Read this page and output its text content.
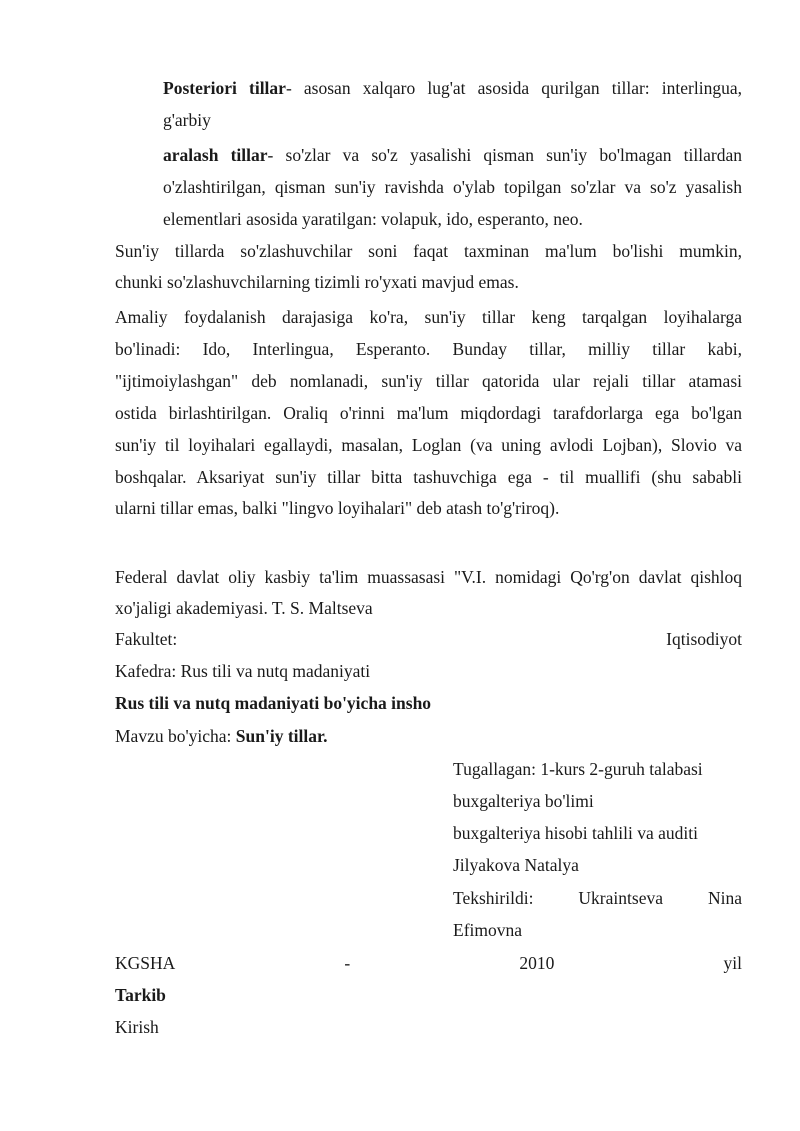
Posteriori tillar- asosan xalqaro lug'at asosida qurilgan tillar: interlingua,
g'arbiy
aralash tillar- so'zlar va so'z yasalishi qisman sun'iy bo'lmagan tillardan
o'zlashtirilgan, qisman sun'iy ravishda o'ylab topilgan so'zlar va so'z yasalish
elementlari asosida yaratilgan: volapuk, ido, esperanto, neo.
Sun'iy tillarda so'zlashuvchilar soni faqat taxminan ma'lum bo'lishi mumkin,
chunki so'zlashuvchilarning tizimli ro'yxati mavjud emas.
Amaliy foydalanish darajasiga ko'ra, sun'iy tillar keng tarqalgan loyihalarga
bo'linadi: Ido, Interlingua, Esperanto. Bunday tillar, milliy tillar kabi,
"ijtimoiylashgan" deb nomlanadi, sun'iy tillar qatorida ular rejali tillar atamasi
ostida birlashtirilgan. Oraliq o'rinni ma'lum miqdordagi tarafdorlarga ega bo'lgan
sun'iy til loyihalari egallaydi, masalan, Loglan (va uning avlodi Lojban), Slovio va
boshqalar. Aksariyat sun'iy tillar bitta tashuvchiga ega - til muallifi (shu sababli
ularni tillar emas, balki "lingvo loyihalari" deb atash to'g'riroq).
Federal davlat oliy kasbiy ta'lim muassasasi "V.I. nomidagi Qo'rg'on davlat qishloq
xo'jaligi akademiyasi. T. S. Maltseva
Fakultet:	Iqtisodiyot
Kafedra: Rus tili va nutq madaniyati
Rus tili va nutq madaniyati bo'yicha insho
Mavzu bo'yicha: Sun'iy tillar.
Tugallagan: 1-kurs 2-guruh talabasi
buxgalteriya bo'limi
buxgalteriya hisobi tahlili va auditi
Jilyakova Natalya
Tekshirildi:	Ukraintseva	Nina
Efimovna
KGSHA	-	2010	yil
Tarkib
Kirish
